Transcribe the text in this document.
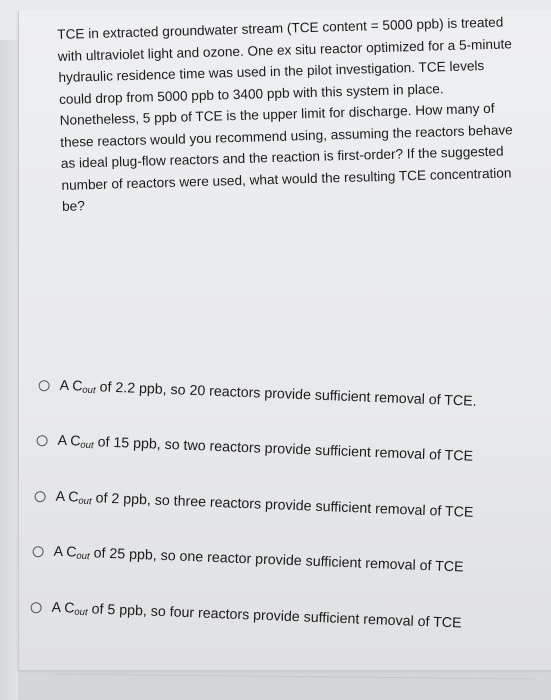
TCE in extracted groundwater stream (TCE content = 5000 ppb) is treated with ultraviolet light and ozone. One ex situ reactor optimized for a 5-minute hydraulic residence time was used in the pilot investigation. TCE levels could drop from 5000 ppb to 3400 ppb with this system in place. Nonetheless, 5 ppb of TCE is the upper limit for discharge. How many of these reactors would you recommend using, assuming the reactors behave as ideal plug-flow reactors and the reaction is first-order? If the suggested number of reactors were used, what would the resulting TCE concentration be?

A Cout of 2.2 ppb, so 20 reactors provide sufficient removal of TCE.
A Cout of 15 ppb, so two reactors provide sufficient removal of TCE
A Cout of 2 ppb, so three reactors provide sufficient removal of TCE
A Cout of 25 ppb, so one reactor provide sufficient removal of TCE
A Cout of 5 ppb, so four reactors provide sufficient removal of TCE
